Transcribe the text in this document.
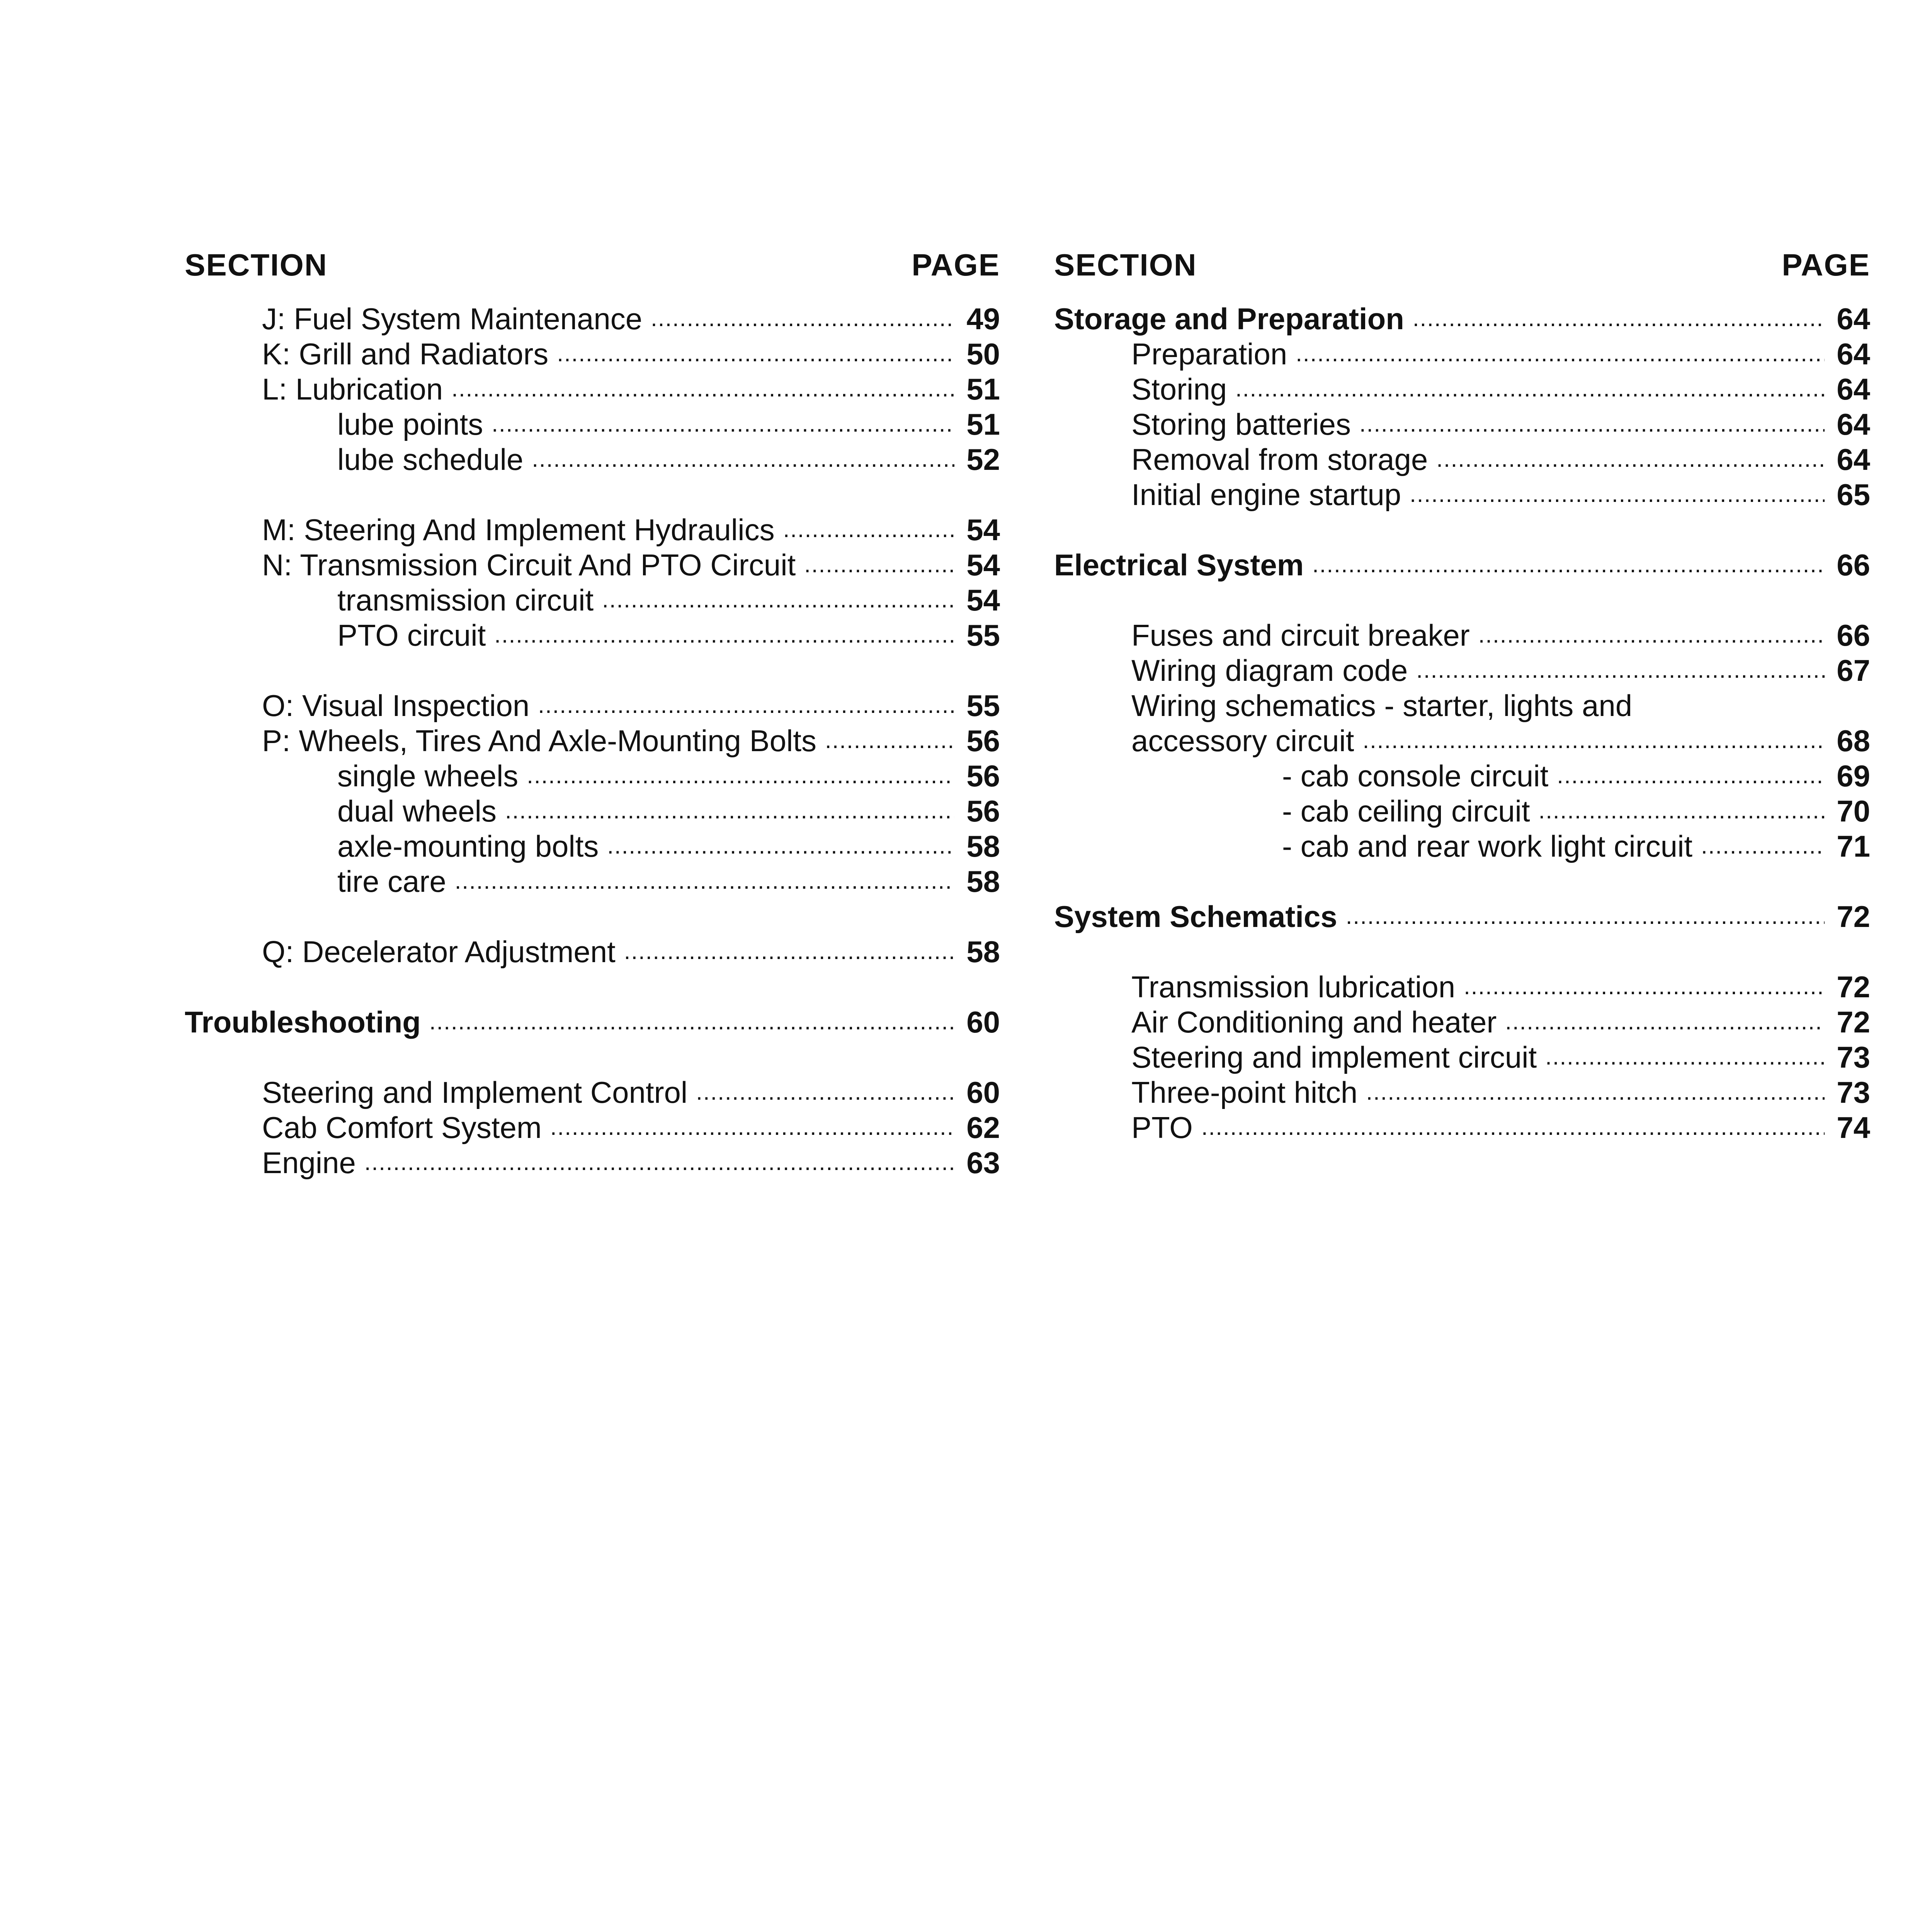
SECTION	PAGE
J: Fuel System Maintenance .....	49
K: Grill and Radiators .....	50
L: Lubrication .....	51
lube points .....	51
lube schedule .....	52
M: Steering And Implement Hydraulics .....	54
N: Transmission Circuit And PTO Circuit .....	54
transmission circuit .....	54
PTO circuit .....	55
O: Visual Inspection .....	55
P: Wheels, Tires And Axle-Mounting Bolts .....	56
single wheels .....	56
dual wheels .....	56
axle-mounting bolts .....	58
tire care .....	58
Q: Decelerator Adjustment .....	58
Troubleshooting .....	60
Steering and Implement Control .....	60
Cab Comfort System .....	62
Engine .....	63
SECTION	PAGE
Storage and Preparation .....	64
Preparation .....	64
Storing .....	64
Storing batteries .....	64
Removal from storage .....	64
Initial engine startup .....	65
Electrical System .....	66
Fuses and circuit breaker .....	66
Wiring diagram code .....	67
Wiring schematics - starter, lights and
accessory circuit .....	68
- cab console circuit .....	69
- cab ceiling circuit .....	70
- cab and rear work light circuit .....	71
System Schematics .....	72
Transmission lubrication .....	72
Air Conditioning and heater .....	72
Steering and implement circuit .....	73
Three-point hitch .....	73
PTO .....	74
